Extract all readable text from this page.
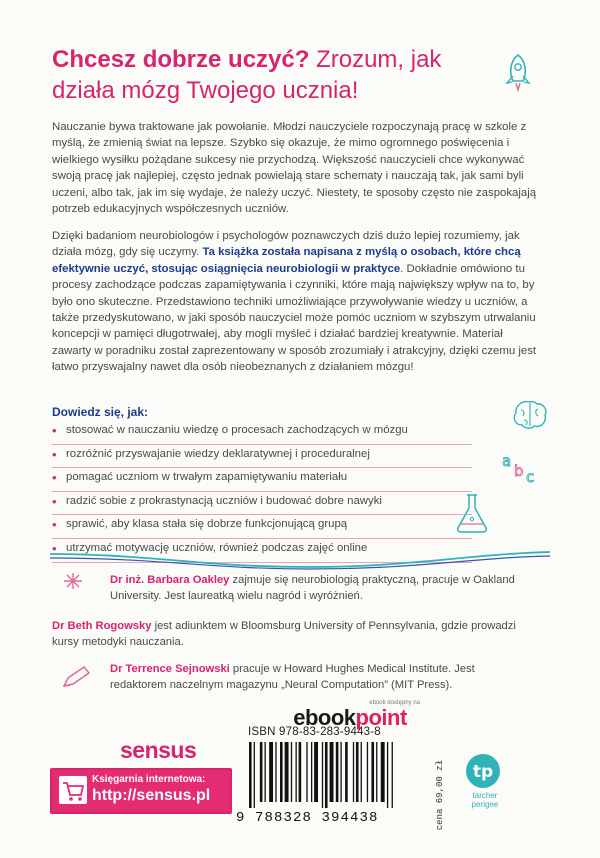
Chcesz dobrze uczyć? Zrozum, jak działa mózg Twojego ucznia!

Nauczanie bywa traktowane jak powołanie. Młodzi nauczyciele rozpoczynają pracę w szkole z myślą, że zmienią świat na lepsze. Szybko się okazuje, że mimo ogromnego poświęcenia i wielkiego wysiłku pożądane sukcesy nie przychodzą. Większość nauczycieli chce wykonywać swoją pracę jak najlepiej, często jednak powielają stare schematy i nauczają tak, jak sami byli uczeni, albo tak, jak im się wydaje, że należy uczyć. Niestety, te sposoby często nie zaspokajają potrzeb edukacyjnych współczesnych uczniów.

Dzięki badaniom neurobiologów i psychologów poznawczych dziś dużo lepiej rozumiemy, jak działa mózg, gdy się uczymy. Ta książka została napisana z myślą o osobach, które chcą efektywnie uczyć, stosując osiągnięcia neurobiologii w praktyce. Dokładnie omówiono tu procesy zachodzące podczas zapamiętywania i czynniki, które mają największy wpływ na to, by było ono skuteczne. Przedstawiono techniki umożliwiające przywoływanie wiedzy u uczniów, a także przedyskutowano, w jaki sposób nauczyciel może pomóc uczniom w szybszym utrwalaniu koncepcji w pamięci długotrwałej, aby mogli myśleć i działać bardziej kreatywnie. Materiał zawarty w poradniku został zaprezentowany w sposób zrozumiały i atrakcyjny, dzięki czemu jest łatwo przyswajalny nawet dla osób nieobeznanych z działaniem mózgu!

Dowiedz się, jak:
• stosować w nauczaniu wiedzę o procesach zachodzących w mózgu
• rozróżnić przyswajanie wiedzy deklaratywnej i proceduralnej
• pomagać uczniom w trwałym zapamiętywaniu materiału
• radzić sobie z prokrastynacją uczniów i budować dobre nawyki
• sprawić, aby klasa stała się dobrze funkcjonującą grupą
• utrzymać motywację uczniów, również podczas zajęć online
a
b c

Dr inż. Barbara Oakley zajmuje się neurobiologią praktyczną, pracuje w Oakland University. Jest laureatką wielu nagród i wyróżnień.

Dr Beth Rogowsky jest adiunktem w Bloomsburg University of Pennsylvania, gdzie prowadzi kursy metodyki nauczania.

Dr Terrence Sejnowski pracuje w Howard Hughes Medical Institute. Jest redaktorem naczelnym magazynu „Neural Computation” (MIT Press).

ebook dostępny na
ebookpoint
sensus
Księgarnia internetowa:
http://sensus.pl
ISBN 978-83-283-9443-8
9 788328 394438	cena 69,00 zł tp
tarcher
perigee
